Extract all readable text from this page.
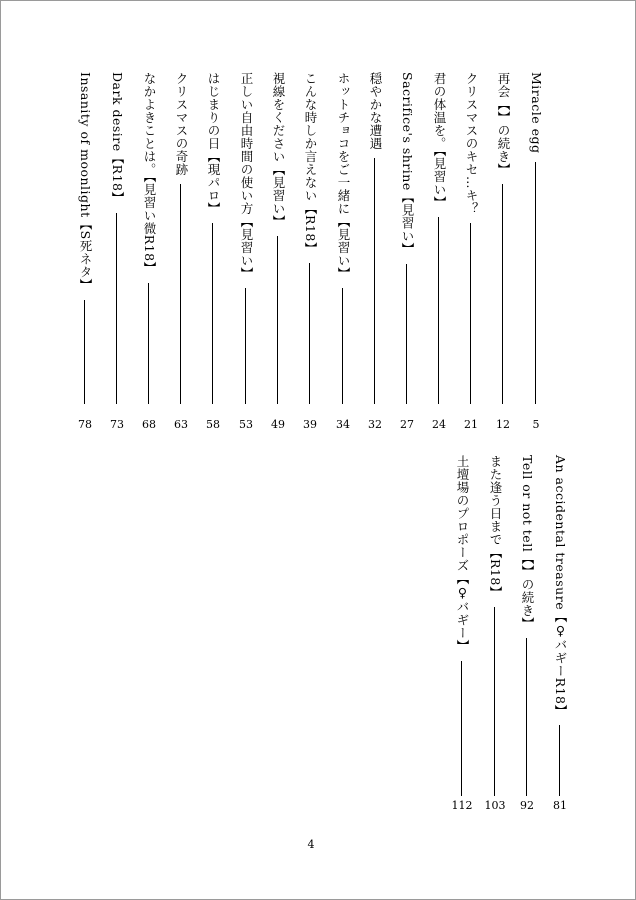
Miracle egg
5
再会【】の続き】
12
クリスマスのキセ…キ？
21
君の体温を。【見習い】
24
Sacrifice's shrine【見習い】
27
穏やかな遭遇
32
ホットチョコをご一緒に【見習い】
34
こんな時しか言えない【R18】
39
視線をください【見習い】
49
正しい自由時間の使い方【見習い】
53
はじまりの日【現パロ】
58
クリスマスの奇跡
63
なかよきことは。【見習い微R18】
68
Dark desire【R18】
73
Insanity of moonlight【S死ネタ】
78
An accidental treasure【♀バギーR18】
81
Tell or not tell【】の続き】
92
また逢う日まで【R18】
103
土壇場のプロポーズ【♀バギー】
112
4
